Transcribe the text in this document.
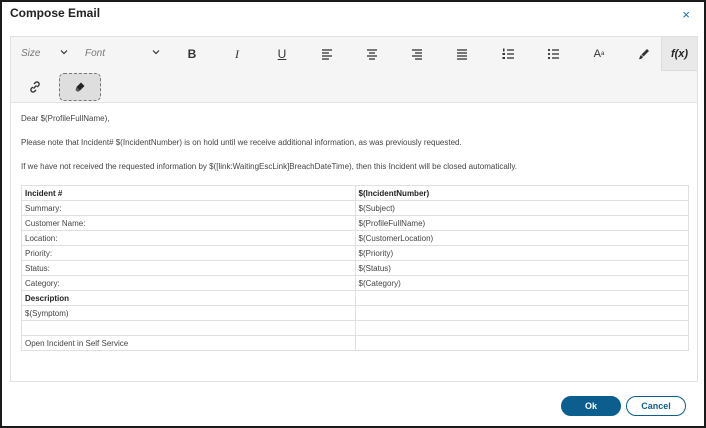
Compose Email	×
Size	Font	B	I	U	A a	f(x)

Dear $(ProfileFullName),

Please note that Incident# $(IncidentNumber) is on hold until we receive additional information, as was previously requested.

If we have not received the requested information by $([link:WaitingEscLink]BreachDateTime), then this Incident will be closed automatically.

Incident #	$(IncidentNumber)
Summary:	$(Subject)
Customer Name:	$(ProfileFullName)
Location:	$(CustomerLocation)
Priority:	$(Priority)
Status:	$(Status)
Category:	$(Category)
Description	
$(Symptom)	

Open Incident in Self Service	
Ok	Cancel
